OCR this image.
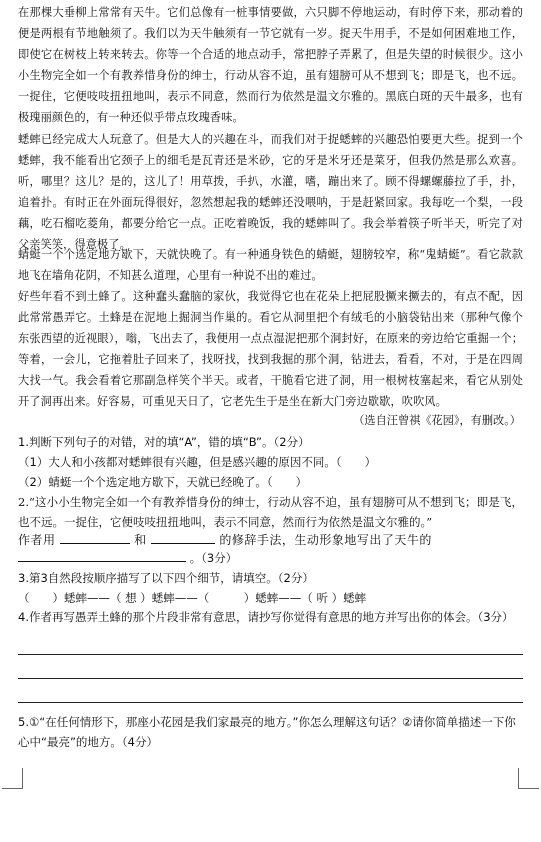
在那棵大垂柳上常常有天牛。它们总像有一桩事情要做，六只脚不停地运动，有时停下来，那动着的便是两根有节地触须了。我们以为天牛触须有一节它就有一岁。捉天牛用手，不是如何困难地工作，即使它在树枝上转来转去。你等一个合适的地点动手，常把脖子弄累了，但是失望的时候很少。这小小生物完全如一个有教养惜身份的绅士，行动从容不迫，虽有翅膀可从不想到飞；即是飞，也不远。一捉住，它便吱吱扭扭地叫，表示不同意，然而行为依然是温文尔雅的。黑底白斑的天牛最多，也有极瑰丽颜色的，有一种还似乎带点玫瑰香味。

蟋蟀已经完成大人玩意了。但是大人的兴趣在斗，而我们对于捉蟋蟀的兴趣恐怕要更大些。捉到一个蟋蟀，我不能看出它颈子上的细毛是瓦青还是米砂，它的牙是米牙还是菜牙，但我仍然是那么欢喜。听，哪里？这儿？是的，这儿了！用草拨，手扒，水灌，嗜，蹦出来了。顾不得螺螺藤拉了手，扑，追着扑。有时正在外面玩得很好，忽然想起我的蟋蟀还没喂呐，于是赶紧回家。我每吃一个梨，一段藕，吃石榴吃菱角，都要分给它一点。正吃着晚饭，我的蟋蟀叫了。我会举着筷子听半天，听完了对父亲笑笑，得意极了。

蜻蜓一个个选定地方歇下，天就快晚了。有一种通身铁色的蜻蜓，翅膀较窄，称“鬼蜻蜓”。看它款款地飞在墙角花阴，不知甚么道理，心里有一种说不出的难过。

好些年看不到土蜂了。这种蠢头蠢脑的家伙，我觉得它也在花朵上把屁股撅来撅去的，有点不配，因此常常愚弄它。土蜂是在泥地上掘洞当作巢的。看它从洞里把个有绒毛的小脑袋钻出来（那种气像个东张西望的近视眼），嗡，飞出去了，我便用一点点湿泥把那个洞封好，在原来的旁边给它重掘一个；等着，一会儿，它拖着肚子回来了，找呀找，找到我掘的那个洞，钻进去，看看，不对，于是在四周大找一气。我会看着它那副急样笑个半天。或者，干脆看它进了洞，用一根树枝塞起来，看它从别处开了洞再出来。好容易，可重见天日了，它老先生于是坐在新大门旁边歇歇，吹吹风。

（选自汪曾祺《花园》，有删改。）

1.判断下列句子的对错，对的填“A”，错的填“B”。（2分）

（1）大人和小孩都对蟋蟀很有兴趣，但是感兴趣的原因不同。（　　）

（2）蜻蜓一个个选定地方歇下，天就已经晚了。（　　）

2.“这小小生物完全如一个有教养惜身份的绅士，行动从容不迫，虽有翅膀可从不想到飞；即是飞，也不远。一捉住，它便吱吱扭扭地叫，表示不同意，然而行为依然是温文尔雅的。”

作者用	和	的修辞手法，生动形象地写出了天牛的
。（3分）

3.第3自然段按顺序描写了以下四个细节，请填空。（2分）

（　　）蟋蟀——（ 想 ）蟋蟀——（　　　）蟋蟀——（ 听 ）蟋蟀

4.作者再写愚弄土蜂的那个片段非常有意思，请抄写你觉得有意思的地方并写出你的体会。（3分）

5.①“在任何情形下，那座小花园是我们家最亮的地方。”你怎么理解这句话？②请你简单描述一下你心中“最亮”的地方。（4分）
